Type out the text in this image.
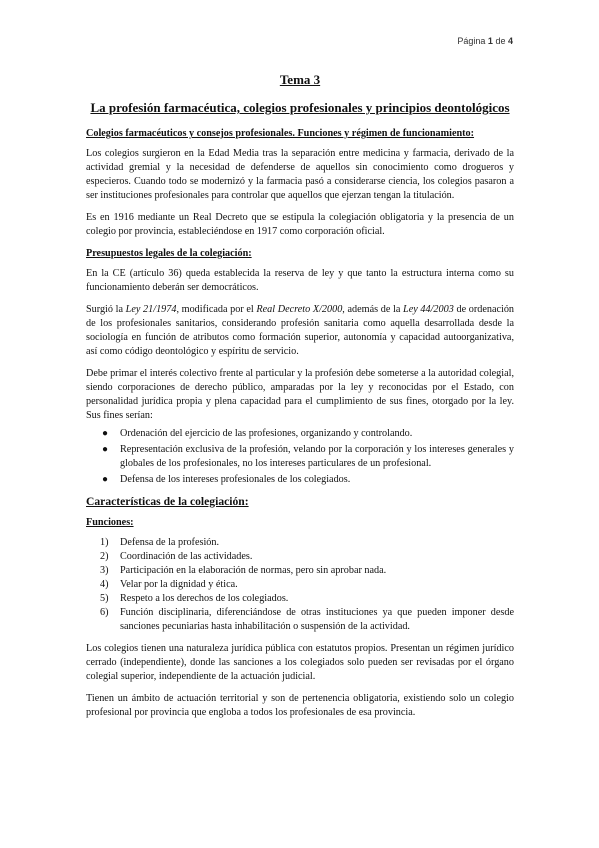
Página 1 de 4
Tema 3
La profesión farmacéutica, colegios profesionales y principios deontológicos
Colegios farmacéuticos y consejos profesionales. Funciones y régimen de funcionamiento:

Los colegios surgieron en la Edad Media tras la separación entre medicina y farmacia, derivado de la actividad gremial y la necesidad de defenderse de aquellos sin conocimiento como drogueros y especieros. Cuando todo se modernizó y la farmacia pasó a considerarse ciencia, los colegios pasaron a ser instituciones profesionales para controlar que aquellos que ejerzan tengan la titulación.

Es en 1916 mediante un Real Decreto que se estipula la colegiación obligatoria y la presencia de un colegio por provincia, estableciéndose en 1917 como corporación oficial.

Presupuestos legales de la colegiación:

En la CE (artículo 36) queda establecida la reserva de ley y que tanto la estructura interna como su funcionamiento deberán ser democráticos.

Surgió la Ley 21/1974, modificada por el Real Decreto X/2000, además de la Ley 44/2003 de ordenación de los profesionales sanitarios, considerando profesión sanitaria como aquella desarrollada desde la sociología en función de atributos como formación superior, autonomía y capacidad autoorganizativa, así como código deontológico y espíritu de servicio.

Debe primar el interés colectivo frente al particular y la profesión debe someterse a la autoridad colegial, siendo corporaciones de derecho público, amparadas por la ley y reconocidas por el Estado, con personalidad jurídica propia y plena capacidad para el cumplimiento de sus fines, otorgado por la ley. Sus fines serían:

● Ordenación del ejercicio de las profesiones, organizando y controlando.
● Representación exclusiva de la profesión, velando por la corporación y los intereses generales y globales de los profesionales, no los intereses particulares de un profesional.
● Defensa de los intereses profesionales de los colegiados.
Características de la colegiación:
Funciones:
1) Defensa de la profesión.
2) Coordinación de las actividades.
3) Participación en la elaboración de normas, pero sin aprobar nada.
4) Velar por la dignidad y ética.
5) Respeto a los derechos de los colegiados.
6) Función disciplinaria, diferenciándose de otras instituciones ya que pueden imponer desde sanciones pecuniarias hasta inhabilitación o suspensión de la actividad.

Los colegios tienen una naturaleza jurídica pública con estatutos propios. Presentan un régimen jurídico cerrado (independiente), donde las sanciones a los colegiados solo pueden ser revisadas por el órgano colegial superior, independiente de la actuación judicial.

Tienen un ámbito de actuación territorial y son de pertenencia obligatoria, existiendo solo un colegio profesional por provincia que engloba a todos los profesionales de esa provincia.
